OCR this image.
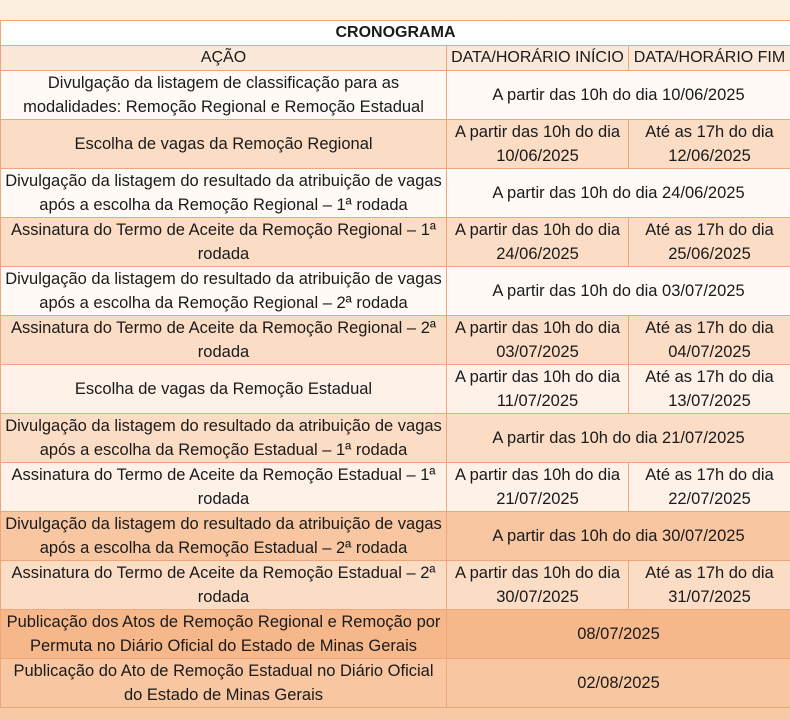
CRONOGRAMA		
AÇÃO	DATA/HORÁRIO INÍCIO	DATA/HORÁRIO FIM
Divulgação da listagem de classificação para as modalidades: Remoção Regional e Remoção Estadual	A partir das 10h do dia 10/06/2025	
Escolha de vagas da Remoção Regional	A partir das 10h do dia 10/06/2025	Até as 17h do dia 12/06/2025
Divulgação da listagem do resultado da atribuição de vagas após a escolha da Remoção Regional – 1ª rodada	A partir das 10h do dia 24/06/2025	
Assinatura do Termo de Aceite da Remoção Regional – 1ª rodada	A partir das 10h do dia 24/06/2025	Até as 17h do dia 25/06/2025
Divulgação da listagem do resultado da atribuição de vagas após a escolha da Remoção Regional – 2ª rodada	A partir das 10h do dia 03/07/2025	
Assinatura do Termo de Aceite da Remoção Regional – 2ª rodada	A partir das 10h do dia 03/07/2025	Até as 17h do dia 04/07/2025
Escolha de vagas da Remoção Estadual	A partir das 10h do dia 11/07/2025	Até as 17h do dia 13/07/2025
Divulgação da listagem do resultado da atribuição de vagas após a escolha da Remoção Estadual – 1ª rodada	A partir das 10h do dia 21/07/2025	
Assinatura do Termo de Aceite da Remoção Estadual – 1ª rodada	A partir das 10h do dia 21/07/2025	Até as 17h do dia 22/07/2025
Divulgação da listagem do resultado da atribuição de vagas após a escolha da Remoção Estadual – 2ª rodada	A partir das 10h do dia 30/07/2025	
Assinatura do Termo de Aceite da Remoção Estadual – 2ª rodada	A partir das 10h do dia 30/07/2025	Até as 17h do dia 31/07/2025
Publicação dos Atos de Remoção Regional e Remoção por Permuta no Diário Oficial do Estado de Minas Gerais	08/07/2025	
Publicação do Ato de Remoção Estadual no Diário Oficial do Estado de Minas Gerais	02/08/2025	
